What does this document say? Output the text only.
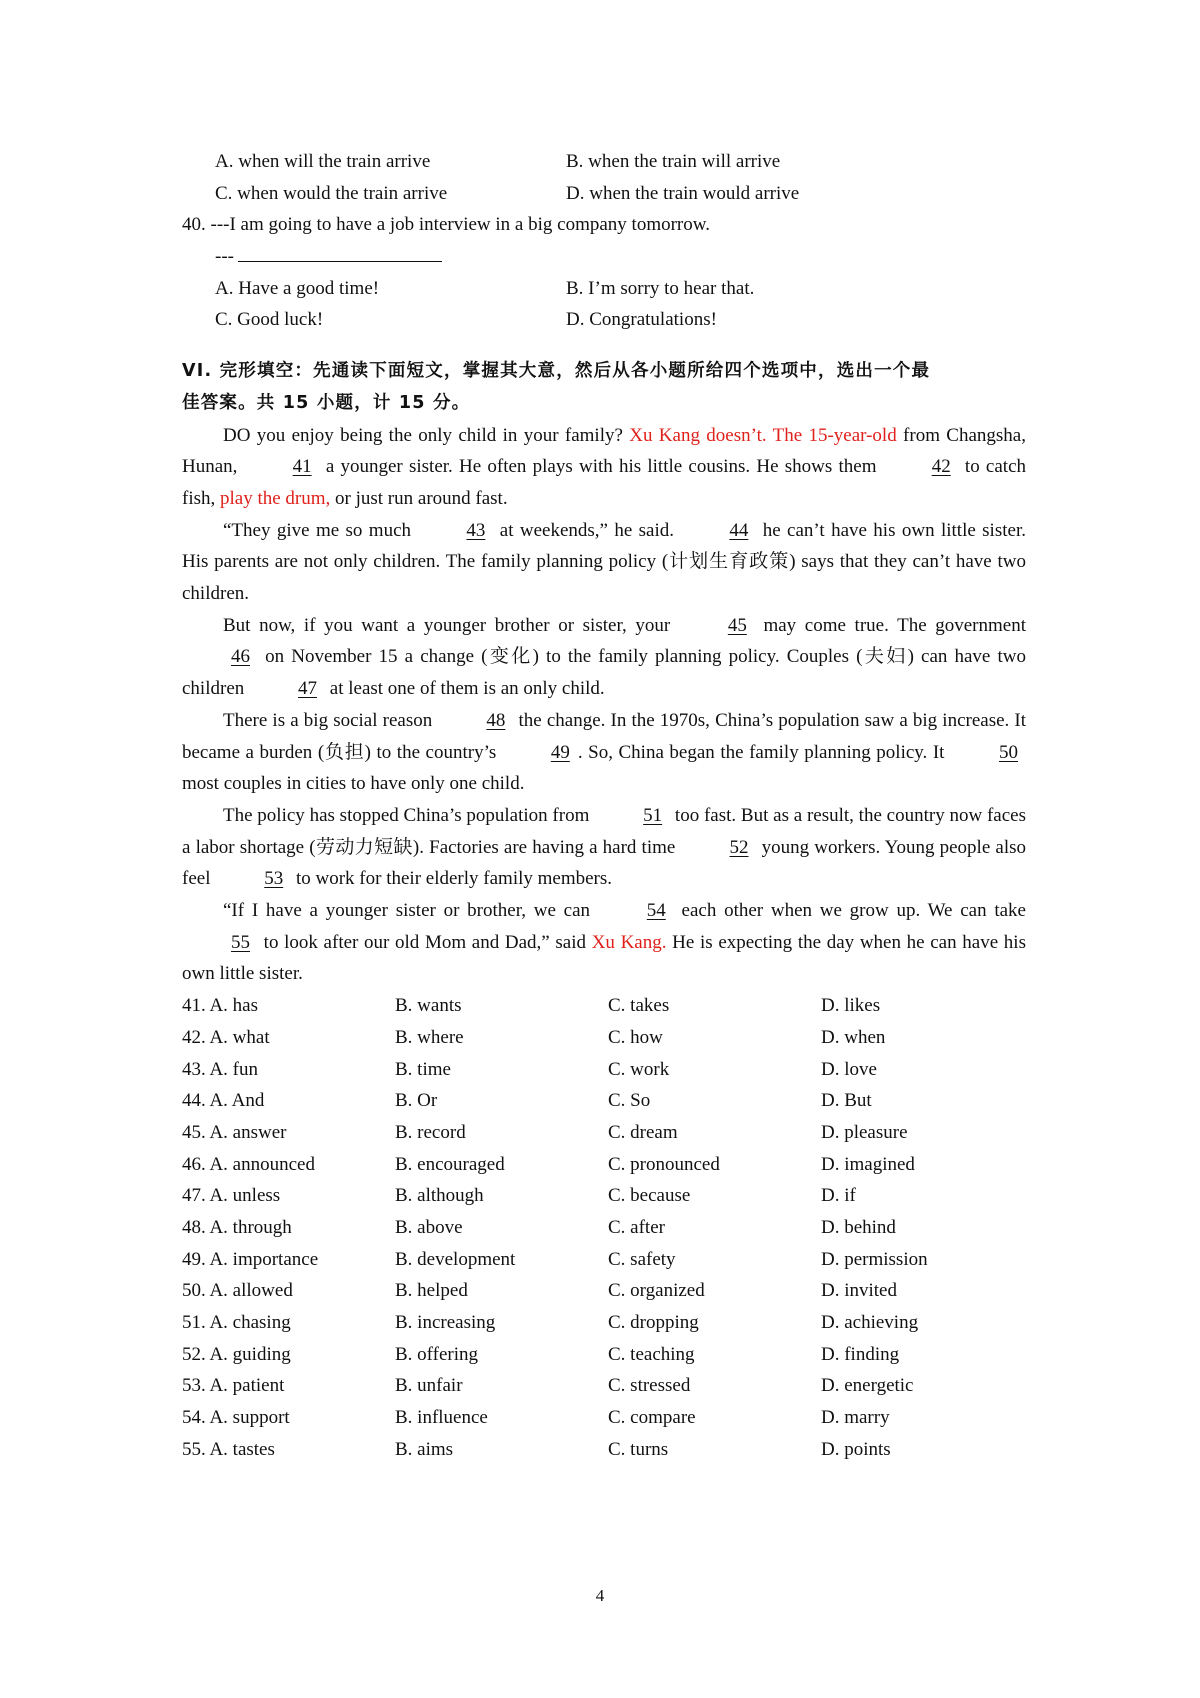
A. when will the train arrive	B. when the train will arrive
C. when would the train arrive	D. when the train would arrive
40. ---I am going to have a job interview in a big company tomorrow.
---
A. Have a good time!	B. I’m sorry to hear that.
C. Good luck!	D. Congratulations!
VI. 完形填空：先通读下面短文，掌握其大意，然后从各小题所给四个选项中，选出一个最
佳答案。共 15 小题，计 15 分。

DO you enjoy being the only child in your family? Xu Kang doesn’t. The 15-year-old from Changsha, Hunan,	41 a younger sister. He often plays with his little cousins. He shows them	42 to catch fish, play the drum, or just run around fast.

“They give me so much	43 at weekends,” he said.	44 he can’t have his own little sister. His parents are not only children. The family planning policy (计划生育政策) says that they can’t have two children.

But now, if you want a younger brother or sister, your	45 may come true. The government 46 on November 15 a change (变化) to the family planning policy. Couples (夫妇) can have two children	47 at least one of them is an only child.

There is a big social reason	48 the change. In the 1970s, China’s population saw a big increase. It became a burden (负担) to the country’s	49 . So, China began the family planning policy. It	50 most couples in cities to have only one child.

The policy has stopped China’s population from	51 too fast. But as a result, the country now faces a labor shortage (劳动力短缺). Factories are having a hard time	52 young workers. Young people also feel	53 to work for their elderly family members.

“If I have a younger sister or brother, we can	54 each other when we grow up. We can take 55 to look after our old Mom and Dad,” said Xu Kang. He is expecting the day when he can have his own little sister.

41. A. has	B. wants	C. takes	D. likes
42. A. what	B. where	C. how	D. when
43. A. fun	B. time	C. work	D. love
44. A. And	B. Or	C. So	D. But
45. A. answer	B. record	C. dream	D. pleasure
46. A. announced	B. encouraged	C. pronounced	D. imagined
47. A. unless	B. although	C. because	D. if
48. A. through	B. above	C. after	D. behind
49. A. importance	B. development	C. safety	D. permission
50. A. allowed	B. helped	C. organized	D. invited
51. A. chasing	B. increasing	C. dropping	D. achieving
52. A. guiding	B. offering	C. teaching	D. finding
53. A. patient	B. unfair	C. stressed	D. energetic
54. A. support	B. influence	C. compare	D. marry
55. A. tastes	B. aims	C. turns	D. points
4
